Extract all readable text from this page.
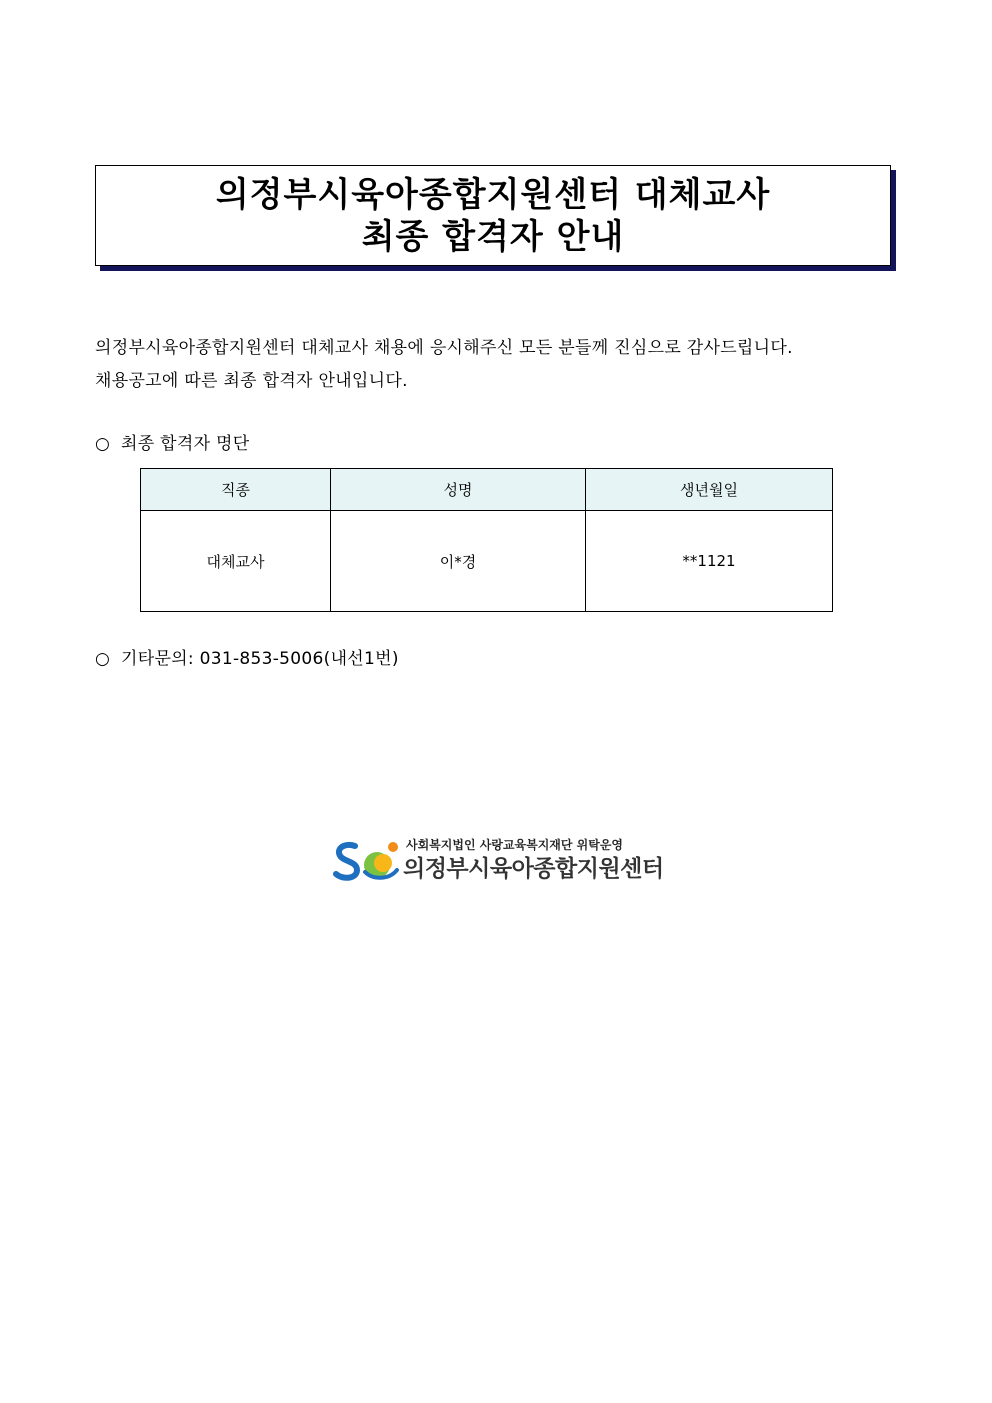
의정부시육아종합지원센터 대체교사
최종 합격자 안내
의정부시육아종합지원센터 대체교사 채용에 응시해주신 모든 분들께 진심으로 감사드립니다.
채용공고에 따른 최종 합격자 안내입니다.
○ 최종 합격자 명단
직종	성명	생년월일
대체교사	이*경	**1121
○ 기타문의: 031-853-5006(내선1번)
사회복지법인 사랑교육복지재단 위탁운영
의정부시육아종합지원센터
